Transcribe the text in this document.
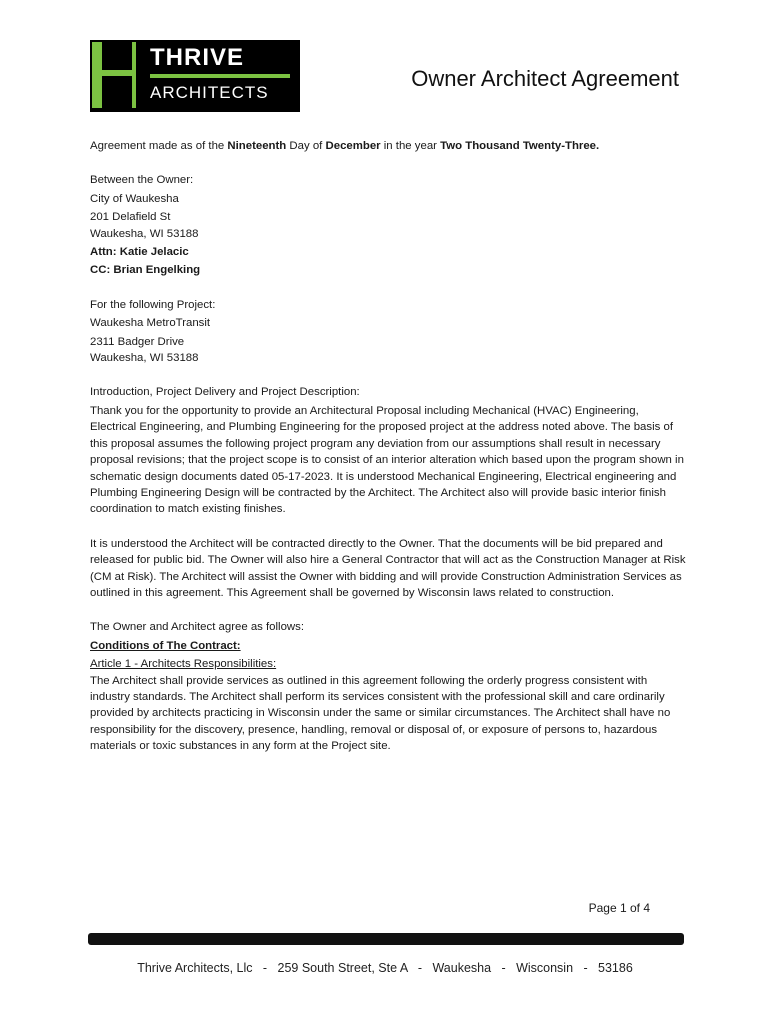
THRIVE
ARCHITECTS
Owner Architect Agreement

Agreement made as of the Nineteenth Day of December in the year Two Thousand Twenty-Three.

Between the Owner:

City of Waukesha

201 Delafield St

Waukesha, WI 53188

Attn: Katie Jelacic

CC: Brian Engelking

For the following Project:

Waukesha MetroTransit

2311 Badger Drive

Waukesha, WI 53188

Introduction, Project Delivery and Project Description:

Thank you for the opportunity to provide an Architectural Proposal including Mechanical (HVAC) Engineering, Electrical Engineering, and Plumbing Engineering for the proposed project at the address noted above. The basis of this proposal assumes the following project program any deviation from our assumptions shall result in necessary proposal revisions; that the project scope is to consist of an interior alteration which based upon the program shown in schematic design documents dated 05-17-2023. It is understood Mechanical Engineering, Electrical engineering and Plumbing Engineering Design will be contracted by the Architect. The Architect also will provide basic interior finish coordination to match existing finishes.

It is understood the Architect will be contracted directly to the Owner. That the documents will be bid prepared and released for public bid. The Owner will also hire a General Contractor that will act as the Construction Manager at Risk (CM at Risk). The Architect will assist the Owner with bidding and will provide Construction Administration Services as outlined in this agreement. This Agreement shall be governed by Wisconsin laws related to construction.

The Owner and Architect agree as follows:

Conditions of The Contract:

Article 1 - Architects Responsibilities:

The Architect shall provide services as outlined in this agreement following the orderly progress consistent with industry standards. The Architect shall perform its services consistent with the professional skill and care ordinarily provided by architects practicing in Wisconsin under the same or similar circumstances. The Architect shall have no responsibility for the discovery, presence, handling, removal or disposal of, or exposure of persons to, hazardous materials or toxic substances in any form at the Project site.

Page 1 of 4
Thrive Architects, Llc   -   259 South Street, Ste A   -   Waukesha   -   Wisconsin   -   53186
